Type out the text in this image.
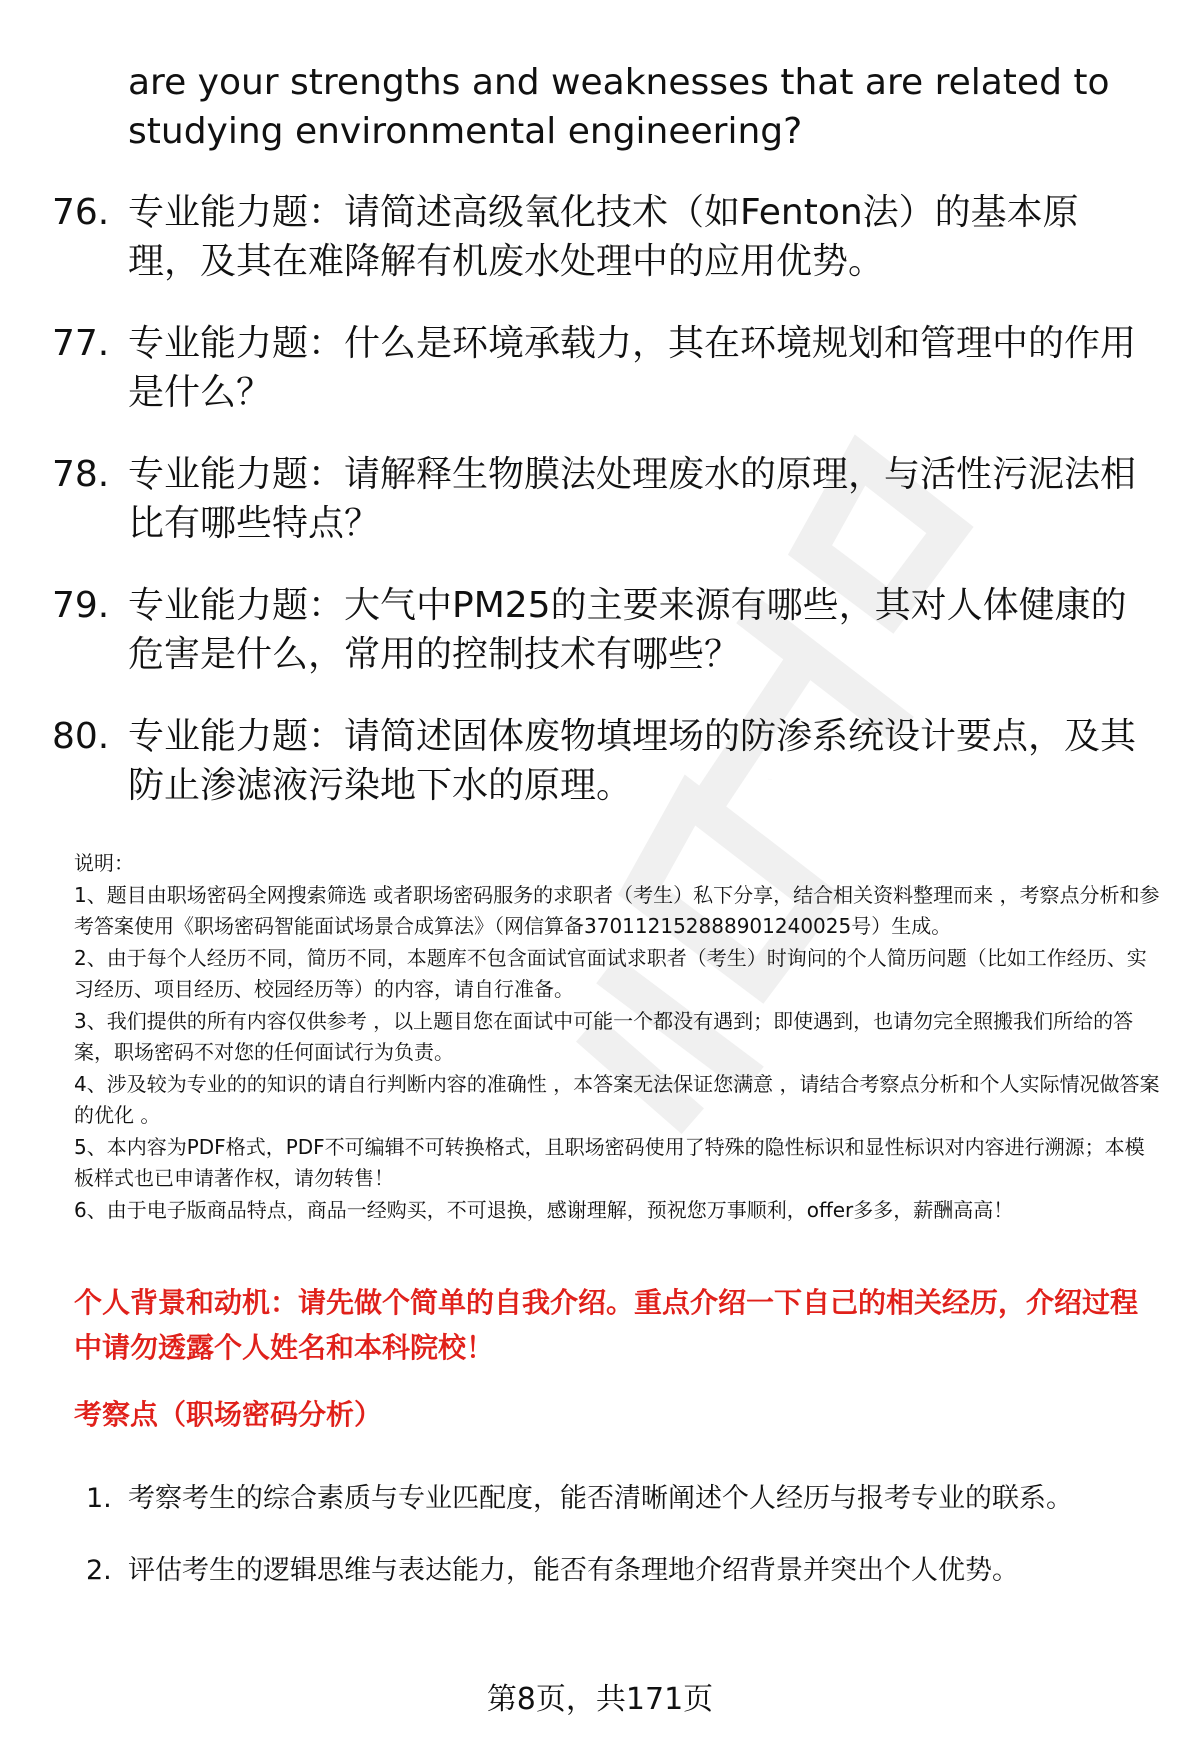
职场密码

are your strengths and weaknesses that are related to studying environmental engineering?

76. 专业能力题：请简述高级氧化技术（如Fenton法）的基本原理，及其在难降解有机废水处理中的应用优势。
77. 专业能力题：什么是环境承载力，其在环境规划和管理中的作用是什么？
78. 专业能力题：请解释生物膜法处理废水的原理，与活性污泥法相比有哪些特点？
79. 专业能力题：大气中PM25的主要来源有哪些，其对人体健康的危害是什么，常用的控制技术有哪些？
80. 专业能力题：请简述固体废物填埋场的防渗系统设计要点，及其防止渗滤液污染地下水的原理。

说明：

1、题目由职场密码全网搜索筛选 或者职场密码服务的求职者（考生）私下分享，结合相关资料整理而来 ，考察点分析和参考答案使用《职场密码智能面试场景合成算法》（网信算备370112152888901240025号）生成。

2、由于每个人经历不同，简历不同，本题库不包含面试官面试求职者（考生）时询问的个人简历问题（比如工作经历、实习经历、项目经历、校园经历等）的内容，请自行准备。

3、我们提供的所有内容仅供参考 ，以上题目您在面试中可能一个都没有遇到；即使遇到，也请勿完全照搬我们所给的答案，职场密码不对您的任何面试行为负责。

4、涉及较为专业的的知识的请自行判断内容的准确性 ，本答案无法保证您满意 ，请结合考察点分析和个人实际情况做答案的优化 。

5、本内容为PDF格式，PDF不可编辑不可转换格式，且职场密码使用了特殊的隐性标识和显性标识对内容进行溯源；本模板样式也已申请著作权，请勿转售！

6、由于电子版商品特点，商品一经购买，不可退换，感谢理解，预祝您万事顺利，offer多多，薪酬高高！

个人背景和动机：请先做个简单的自我介绍。重点介绍一下自己的相关经历，介绍过程中请勿透露个人姓名和本科院校！

考察点（职场密码分析）

1. 考察考生的综合素质与专业匹配度，能否清晰阐述个人经历与报考专业的联系。
2. 评估考生的逻辑思维与表达能力，能否有条理地介绍背景并突出个人优势。
第8页，共171页
